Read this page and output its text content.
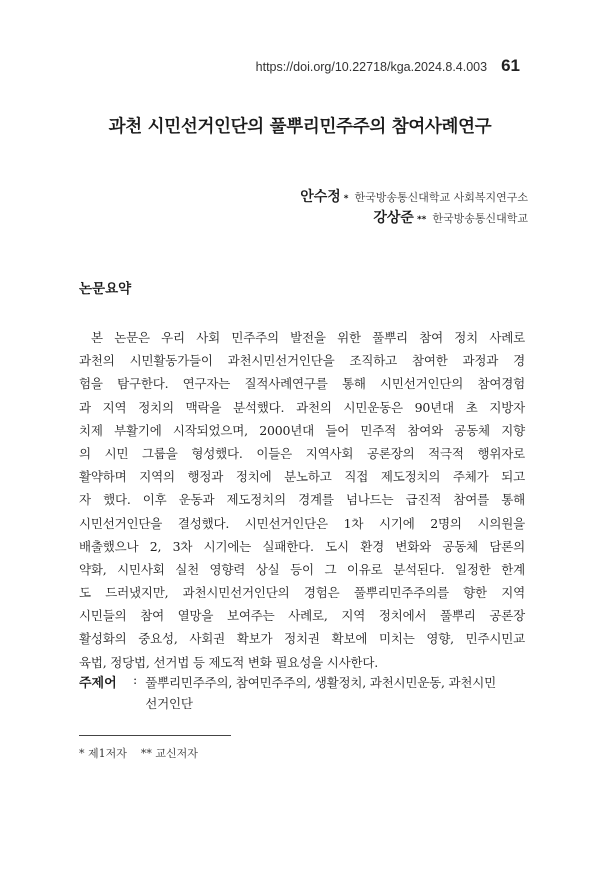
https://doi.org/10.22718/kga.2024.8.4.003 61
과천 시민선거인단의 풀뿌리민주주의 참여사례연구
안수정 * 한국방송통신대학교 사회복지연구소
강상준 ** 한국방송통신대학교
논문요약
본 논문은 우리 사회 민주주의 발전을 위한 풀뿌리 참여 정치 사례로
과천의 시민활동가들이 과천시민선거인단을 조직하고 참여한 과정과 경
험을 탐구한다. 연구자는 질적사례연구를 통해 시민선거인단의 참여경험
과 지역 정치의 맥락을 분석했다. 과천의 시민운동은 90년대 초 지방자
치제 부활기에 시작되었으며, 2000년대 들어 민주적 참여와 공동체 지향
의 시민 그룹을 형성했다. 이들은 지역사회 공론장의 적극적 행위자로
활약하며 지역의 행정과 정치에 분노하고 직접 제도정치의 주체가 되고
자 했다. 이후 운동과 제도정치의 경계를 넘나드는 급진적 참여를 통해
시민선거인단을 결성했다. 시민선거인단은 1차 시기에 2명의 시의원을
배출했으나 2, 3차 시기에는 실패한다. 도시 환경 변화와 공동체 담론의
약화, 시민사회 실천 영향력 상실 등이 그 이유로 분석된다. 일정한 한계
도 드러냈지만, 과천시민선거인단의 경험은 풀뿌리민주주의를 향한 지역
시민들의 참여 열망을 보여주는 사례로, 지역 정치에서 풀뿌리 공론장
활성화의 중요성, 사회권 확보가 정치권 확보에 미치는 영향, 민주시민교
육법, 정당법, 선거법 등 제도적 변화 필요성을 시사한다.
주제어	: 풀뿌리민주주의, 참여민주주의, 생활정치, 과천시민운동, 과천시민
선거인단
* 제1저자 ** 교신저자
